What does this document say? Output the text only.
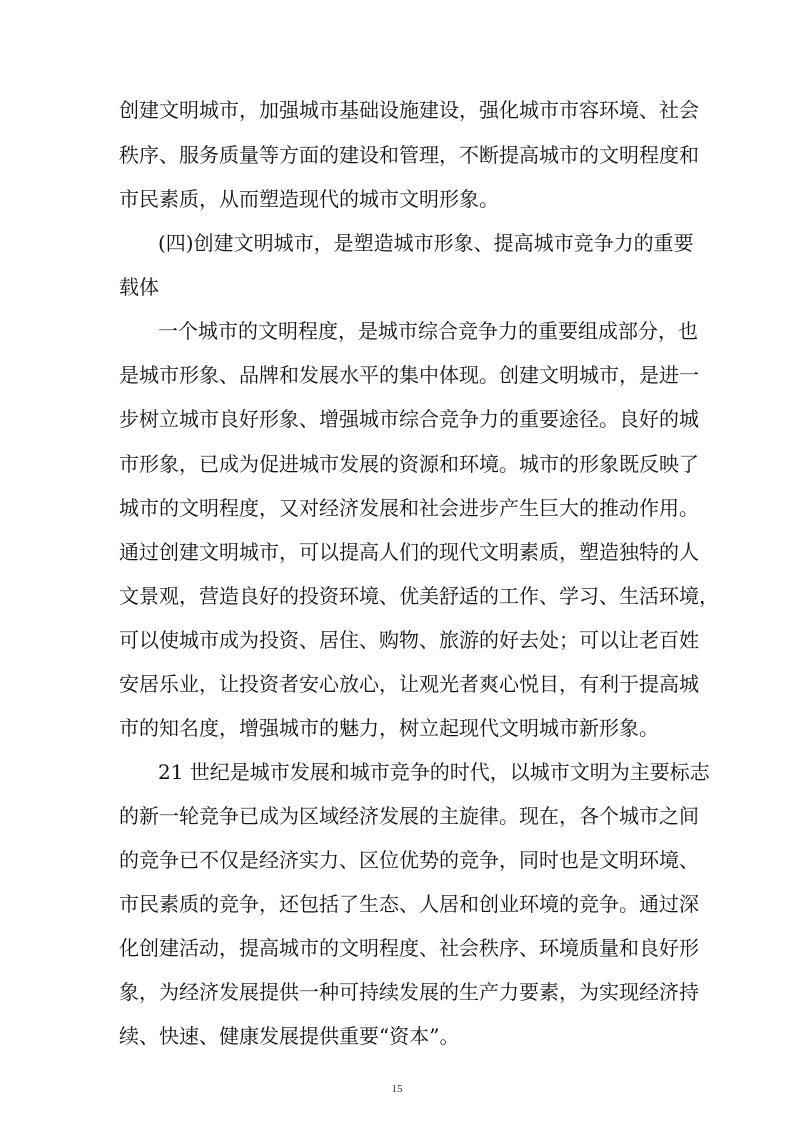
创建文明城市，加强城市基础设施建设，强化城市市容环境、社会
秩序、服务质量等方面的建设和管理，不断提高城市的文明程度和
市民素质，从而塑造现代的城市文明形象。
(四)创建文明城市，是塑造城市形象、提高城市竞争力的重要
载体
一个城市的文明程度，是城市综合竞争力的重要组成部分，也
是城市形象、品牌和发展水平的集中体现。创建文明城市，是进一
步树立城市良好形象、增强城市综合竞争力的重要途径。良好的城
市形象，已成为促进城市发展的资源和环境。城市的形象既反映了
城市的文明程度，又对经济发展和社会进步产生巨大的推动作用。
通过创建文明城市，可以提高人们的现代文明素质，塑造独特的人
文景观，营造良好的投资环境、优美舒适的工作、学习、生活环境，
可以使城市成为投资、居住、购物、旅游的好去处；可以让老百姓
安居乐业，让投资者安心放心，让观光者爽心悦目，有利于提高城
市的知名度，增强城市的魅力，树立起现代文明城市新形象。
21 世纪是城市发展和城市竞争的时代，以城市文明为主要标志
的新一轮竞争已成为区域经济发展的主旋律。现在，各个城市之间
的竞争已不仅是经济实力、区位优势的竞争，同时也是文明环境、
市民素质的竞争，还包括了生态、人居和创业环境的竞争。通过深
化创建活动，提高城市的文明程度、社会秩序、环境质量和良好形
象，为经济发展提供一种可持续发展的生产力要素，为实现经济持
续、快速、健康发展提供重要“资本”。
15
